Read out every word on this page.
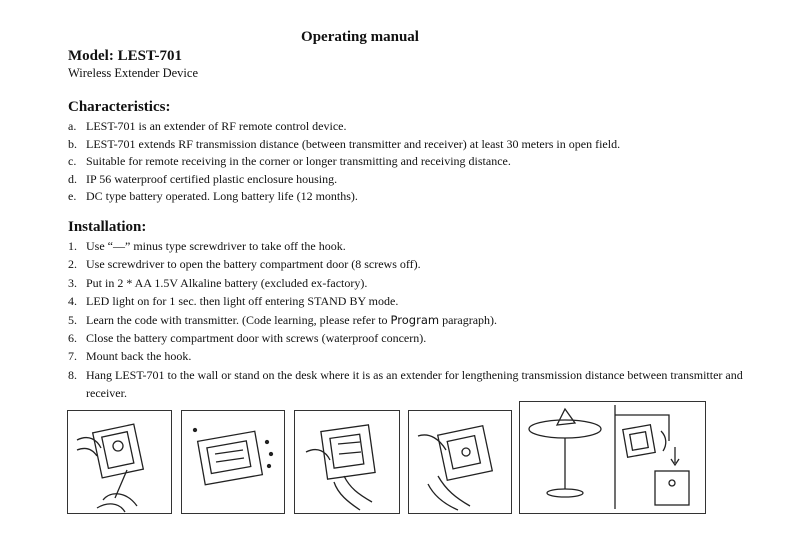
Operating manual
Model: LEST-701
Wireless Extender Device
Characteristics:
a. LEST-701 is an extender of RF remote control device.
b. LEST-701 extends RF transmission distance (between transmitter and receiver) at least 30 meters in open field.
c. Suitable for remote receiving in the corner or longer transmitting and receiving distance.
d. IP 56 waterproof certified plastic enclosure housing.
e. DC type battery operated. Long battery life (12 months).
Installation:
1. Use “—” minus type screwdriver to take off the hook.
2. Use screwdriver to open the battery compartment door (8 screws off).
3. Put in 2 * AA 1.5V Alkaline battery (excluded ex-factory).
4. LED light on for 1 sec. then light off entering STAND BY mode.
5. Learn the code with transmitter. (Code learning, please refer to Program paragraph).
6. Close the battery compartment door with screws (waterproof concern).
7. Mount back the hook.
8. Hang LEST-701 to the wall or stand on the desk where it is as an extender for lengthening transmission distance between transmitter and receiver.
